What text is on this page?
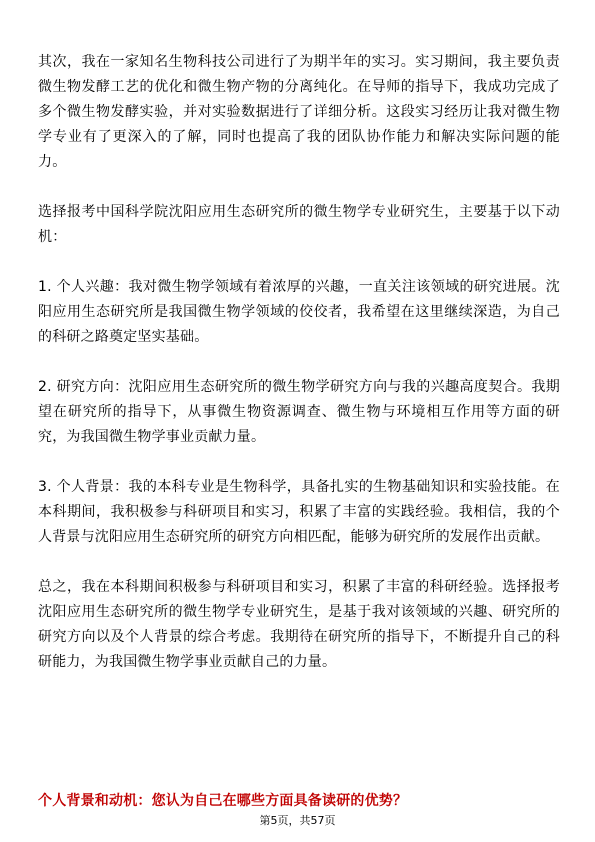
其次，我在一家知名生物科技公司进行了为期半年的实习。实习期间，我主要负责微生物发酵工艺的优化和微生物产物的分离纯化。在导师的指导下，我成功完成了多个微生物发酵实验，并对实验数据进行了详细分析。这段实习经历让我对微生物学专业有了更深入的了解，同时也提高了我的团队协作能力和解决实际问题的能力。

选择报考中国科学院沈阳应用生态研究所的微生物学专业研究生，主要基于以下动机：

1. 个人兴趣：我对微生物学领域有着浓厚的兴趣，一直关注该领域的研究进展。沈阳应用生态研究所是我国微生物学领域的佼佼者，我希望在这里继续深造，为自己的科研之路奠定坚实基础。

2. 研究方向：沈阳应用生态研究所的微生物学研究方向与我的兴趣高度契合。我期望在研究所的指导下，从事微生物资源调查、微生物与环境相互作用等方面的研究，为我国微生物学事业贡献力量。

3. 个人背景：我的本科专业是生物科学，具备扎实的生物基础知识和实验技能。在本科期间，我积极参与科研项目和实习，积累了丰富的实践经验。我相信，我的个人背景与沈阳应用生态研究所的研究方向相匹配，能够为研究所的发展作出贡献。

总之，我在本科期间积极参与科研项目和实习，积累了丰富的科研经验。选择报考沈阳应用生态研究所的微生物学专业研究生，是基于我对该领域的兴趣、研究所的研究方向以及个人背景的综合考虑。我期待在研究所的指导下，不断提升自己的科研能力，为我国微生物学事业贡献自己的力量。

个人背景和动机：您认为自己在哪些方面具备读研的优势？
第5页，共57页
